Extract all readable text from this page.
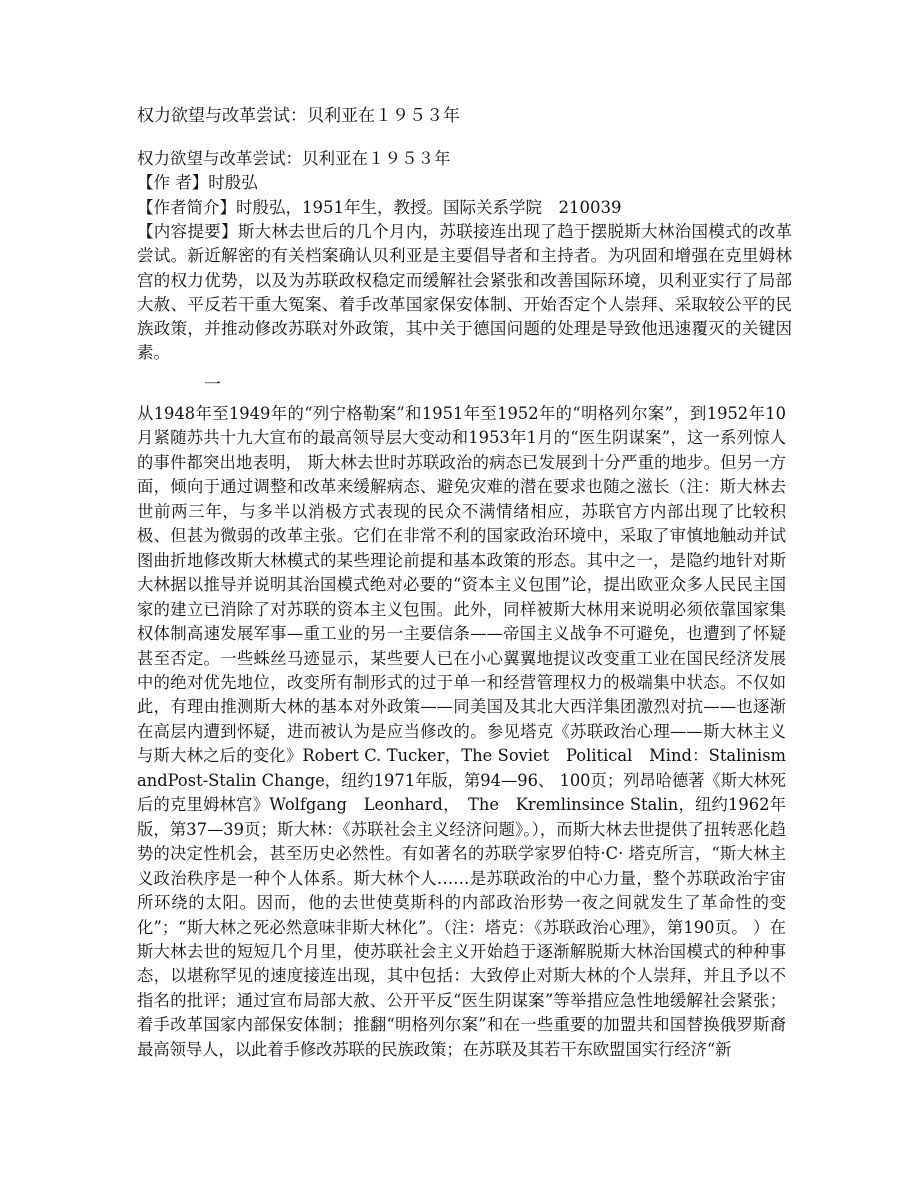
权力欲望与改革尝试：贝利亚在１９５３年
权力欲望与改革尝试：贝利亚在１９５３年
【作 者】时殷弘
【作者简介】时殷弘，1951年生，教授。国际关系学院　210039
【内容提要】斯大林去世后的几个月内，苏联接连出现了趋于摆脱斯大林治国模式的改革尝试。新近解密的有关档案确认贝利亚是主要倡导者和主持者。为巩固和增强在克里姆林宫的权力优势，以及为苏联政权稳定而缓解社会紧张和改善国际环境，贝利亚实行了局部大赦、平反若干重大冤案、着手改革国家保安体制、开始否定个人崇拜、采取较公平的民族政策，并推动修改苏联对外政策，其中关于德国问题的处理是导致他迅速覆灭的关键因素。
一
从1948年至1949年的“列宁格勒案”和1951年至1952年的“明格列尔案”，到1952年10月紧随苏共十九大宣布的最高领导层大变动和1953年1月的“医生阴谋案”，这一系列惊人的事件都突出地表明， 斯大林去世时苏联政治的病态已发展到十分严重的地步。但另一方面，倾向于通过调整和改革来缓解病态、避免灾难的潜在要求也随之滋长（注：斯大林去世前两三年，与多半以消极方式表现的民众不满情绪相应，苏联官方内部出现了比较积极、但甚为微弱的改革主张。它们在非常不利的国家政治环境中，采取了审慎地触动并试图曲折地修改斯大林模式的某些理论前提和基本政策的形态。其中之一，是隐约地针对斯大林据以推导并说明其治国模式绝对必要的“资本主义包围”论，提出欧亚众多人民民主国家的建立已消除了对苏联的资本主义包围。此外，同样被斯大林用来说明必须依靠国家集权体制高速发展军事—重工业的另一主要信条——帝国主义战争不可避免，也遭到了怀疑甚至否定。一些蛛丝马迹显示，某些要人已在小心翼翼地提议改变重工业在国民经济发展中的绝对优先地位，改变所有制形式的过于单一和经营管理权力的极端集中状态。不仅如此，有理由推测斯大林的基本对外政策——同美国及其北大西洋集团激烈对抗——也逐渐在高层内遭到怀疑，进而被认为是应当修改的。参见塔克《苏联政治心理——斯大林主义与斯大林之后的变化》Robert C. Tucker，The Soviet　Political　Mind：Stalinism andPost-Stalin Change，纽约1971年版，第94—96、 100页；列昂哈德著《斯大林死后的克里姆林宫》Wolfgang　Leonhard，　The　Kremlinsince Stalin，纽约1962年版，第37—39页；斯大林：《苏联社会主义经济问题》。），而斯大林去世提供了扭转恶化趋势的决定性机会，甚至历史必然性。有如著名的苏联学家罗伯特·C· 塔克所言，“斯大林主义政治秩序是一种个人体系。斯大林个人……是苏联政治的中心力量，整个苏联政治宇宙所环绕的太阳。因而，他的去世使莫斯科的内部政治形势一夜之间就发生了革命性的变化”；“斯大林之死必然意味非斯大林化”。（注：塔克：《苏联政治心理》，第190页。 ）在斯大林去世的短短几个月里，使苏联社会主义开始趋于逐渐解脱斯大林治国模式的种种事态，以堪称罕见的速度接连出现，其中包括：大致停止对斯大林的个人崇拜，并且予以不指名的批评；通过宣布局部大赦、公开平反“医生阴谋案”等举措应急性地缓解社会紧张；着手改革国家内部保安体制；推翻“明格列尔案”和在一些重要的加盟共和国替换俄罗斯裔最高领导人，以此着手修改苏联的民族政策；在苏联及其若干东欧盟国实行经济“新
